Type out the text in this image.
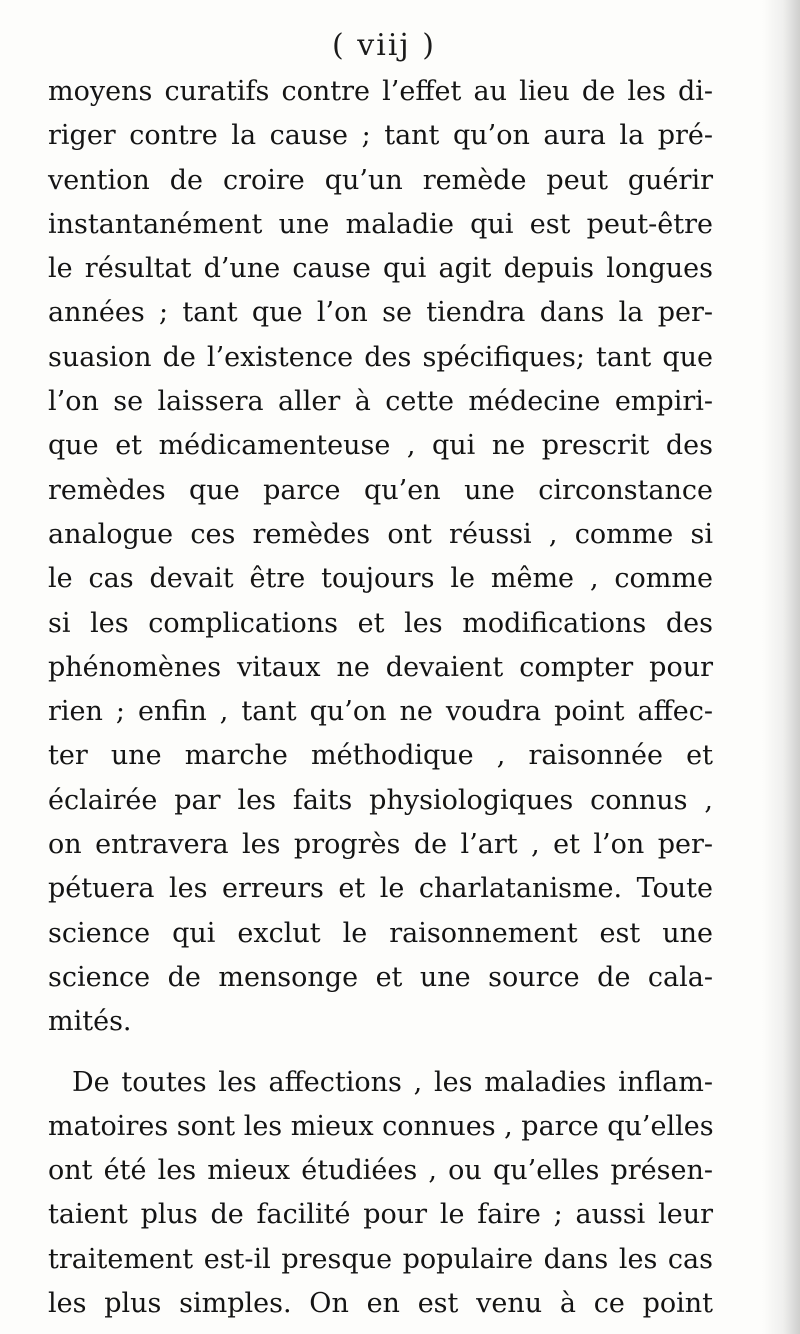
( viij )
moyens curatifs contre l’effet au lieu de les di-
riger contre la cause ; tant qu’on aura la pré-
vention de croire qu’un remède peut guérir
instantanément une maladie qui est peut-être
le résultat d’une cause qui agit depuis longues
années ; tant que l’on se tiendra dans la per-
suasion de l’existence des spécifiques; tant que
l’on se laissera aller à cette médecine empiri-
que et médicamenteuse , qui ne prescrit des
remèdes que parce qu’en une circonstance
analogue ces remèdes ont réussi , comme si
le cas devait être toujours le même , comme
si les complications et les modifications des
phénomènes vitaux ne devaient compter pour
rien ; enfin , tant qu’on ne voudra point affec-
ter une marche méthodique , raisonnée et
éclairée par les faits physiologiques connus ,
on entravera les progrès de l’art , et l’on per-
pétuera les erreurs et le charlatanisme. Toute
science qui exclut le raisonnement est une
science de mensonge et une source de cala-
mités.
De toutes les affections , les maladies inflam-
matoires sont les mieux connues , parce qu’elles
ont été les mieux étudiées , ou qu’elles présen-
taient plus de facilité pour le faire ; aussi leur
traitement est-il presque populaire dans les cas
les plus simples. On en est venu à ce point
